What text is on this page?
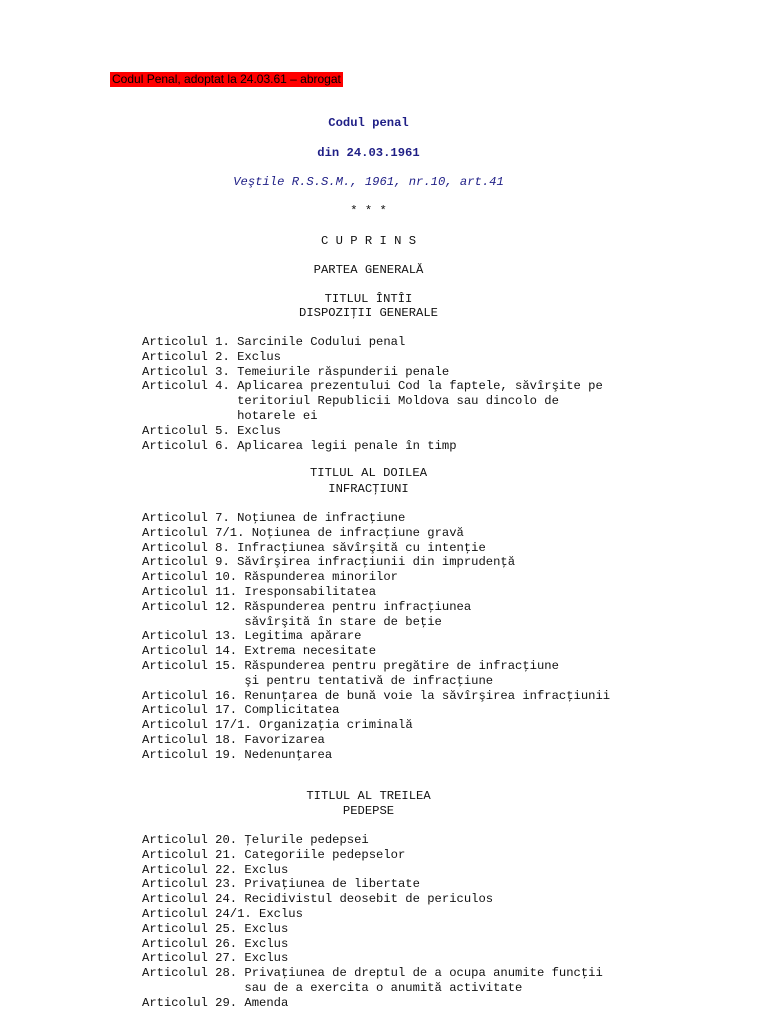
Codul Penal, adoptat la 24.03.61 – abrogat
Codul penal
din 24.03.1961
Veştile R.S.S.M., 1961, nr.10, art.41
* * *
C U P R I N S
PARTEA GENERALĂ
TITLUL ÎNTÎI
DISPOZIŢII GENERALE
Articolul 1.
Sarcinile Codului penal
Articolul 2.
Exclus
Articolul 3.
Temeiurile răspunderii penale
Articolul 4.
Aplicarea prezentului Cod la faptele, săvîrşite pe
teritoriul Republicii Moldova sau dincolo de
hotarele ei
Articolul 5.
Exclus
Articolul 6.
Aplicarea legii penale în timp
TITLUL AL DOILEA
INFRACŢIUNI
Articolul 7.
Noţiunea de infracţiune
Articolul 7/1.
Noţiunea de infracţiune gravă
Articolul 8.
Infracţiunea săvîrşită cu intenţie
Articolul 9.
Săvîrşirea infracţiunii din imprudenţă
Articolul 10.
Răspunderea minorilor
Articolul 11.
Iresponsabilitatea
Articolul 12.
Răspunderea pentru infracţiunea
săvîrşită în stare de beţie
Articolul 13.
Legitima apărare
Articolul 14.
Extrema necesitate
Articolul 15.
Răspunderea pentru pregătire de infracţiune
şi pentru tentativă de infracţiune
Articolul 16.
Renunţarea de bună voie la săvîrşirea infracţiunii
Articolul 17.
Complicitatea
Articolul 17/1.
Organizaţia criminală
Articolul 18.
Favorizarea
Articolul 19.
Nedenunţarea
TITLUL AL TREILEA
PEDEPSE
Articolul 20.
Ţelurile pedepsei
Articolul 21.
Categoriile pedepselor
Articolul 22.
Exclus
Articolul 23.
Privaţiunea de libertate
Articolul 24.
Recidivistul deosebit de periculos
Articolul 24/1.
Exclus
Articolul 25.
Exclus
Articolul 26.
Exclus
Articolul 27.
Exclus
Articolul 28.
Privaţiunea de dreptul de a ocupa anumite funcţii
sau de a exercita o anumită activitate
Articolul 29.
Amenda
